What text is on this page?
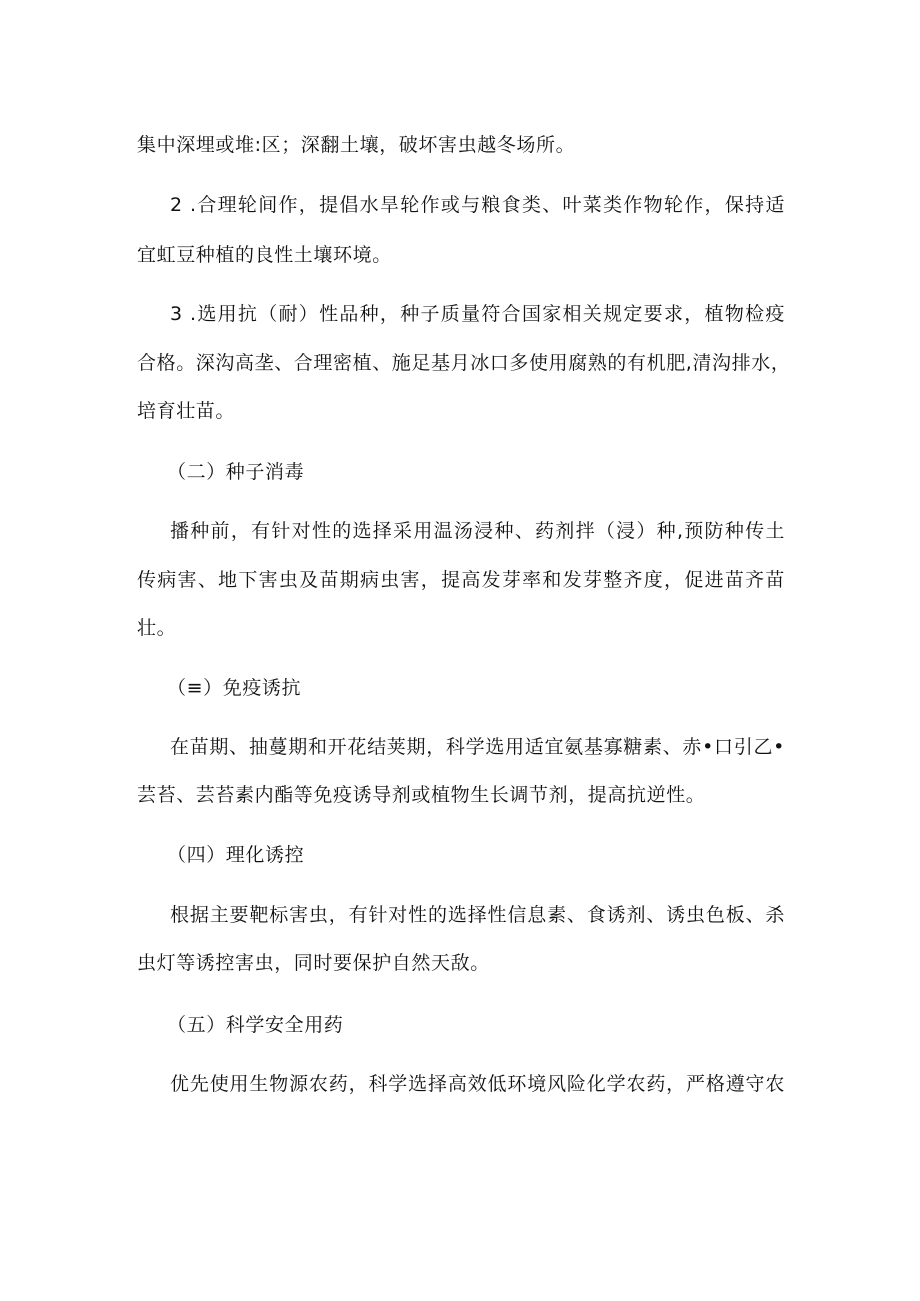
集中深埋或堆:区；深翻土壤，破坏害虫越冬场所。
2 .合理轮间作，提倡水旱轮作或与粮食类、叶菜类作物轮作，保持适
宜虹豆种植的良性土壤环境。
3 .选用抗（耐）性品种，种子质量符合国家相关规定要求，植物检疫
合格。深沟高垄、合理密植、施足基月冰口多使用腐熟的有机肥,清沟排水，
培育壮苗。
（二）种子消毒
播种前，有针对性的选择采用温汤浸种、药剂拌（浸）种,预防种传土
传病害、地下害虫及苗期病虫害，提高发芽率和发芽整齐度，促进苗齐苗
壮。
（≡）免疫诱抗
在苗期、抽蔓期和开花结荚期，科学选用适宜氨基寡糖素、赤•口引乙•
芸苔、芸苔素内酯等免疫诱导剂或植物生长调节剂，提高抗逆性。
（四）理化诱控
根据主要靶标害虫，有针对性的选择性信息素、食诱剂、诱虫色板、杀
虫灯等诱控害虫，同时要保护自然天敌。
（五）科学安全用药
优先使用生物源农药，科学选择高效低环境风险化学农药，严格遵守农
